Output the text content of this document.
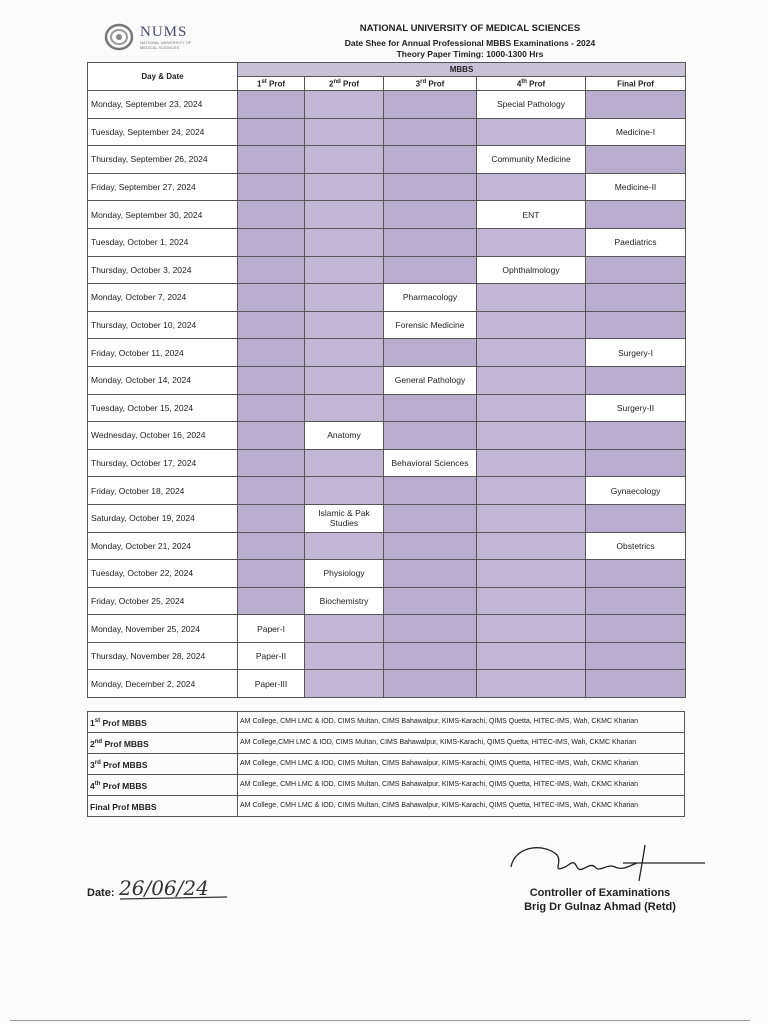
NUMS
NATIONAL UNIVERSITY OF MEDICAL SCIENCES
NATIONAL UNIVERSITY OF MEDICAL SCIENCES
Date Shee for Annual Professional MBBS Examinations - 2024
Theory Paper Timing: 1000-1300 Hrs
Day & Date	MBBS				
	1st Prof	2nd Prof	3rd Prof	4th Prof	Final Prof
Monday, September 23, 2024				Special Pathology	
Tuesday, September 24, 2024					Medicine-I
Thursday, September 26, 2024				Community Medicine	
Friday, September 27, 2024					Medicine-II
Monday, September 30, 2024				ENT	
Tuesday, October 1, 2024					Paediatrics
Thursday, October 3, 2024				Ophthalmology	
Monday, October 7, 2024			Pharmacology		
Thursday, October 10, 2024			Forensic Medicine		
Friday, October 11, 2024					Surgery-I
Monday, October 14, 2024			General Pathology		
Tuesday, October 15, 2024					Surgery-II
Wednesday, October 16, 2024		Anatomy			
Thursday, October 17, 2024			Behavioral Sciences		
Friday, October 18, 2024					Gynaecology
Saturday, October 19, 2024		Islamic & Pak Studies			
Monday, October 21, 2024					Obstetrics
Tuesday, October 22, 2024		Physiology			
Friday, October 25, 2024		Biochemistry			
Monday, November 25, 2024	Paper-I				
Thursday, November 28, 2024	Paper-II				
Monday, December 2, 2024	Paper-III				
1st Prof MBBS	AM College, CMH LMC & IOD, CIMS Multan, CIMS Bahawalpur, KIMS-Karachi, QIMS Quetta, HITEC-IMS, Wah, CKMC Kharian
2nd Prof MBBS	AM College,CMH LMC & IOD, CIMS Multan, CIMS Bahawalpur, KIMS-Karachi, QIMS Quetta, HITEC-IMS, Wah, CKMC Kharian
3rd Prof MBBS	AM College, CMH LMC & IOD, CIMS Multan, CIMS Bahawalpur, KIMS-Karachi, QIMS Quetta, HITEC-IMS, Wah, CKMC Kharian
4th Prof MBBS	AM College, CMH LMC & IOD, CIMS Multan, CIMS Bahawalpur, KIMS-Karachi, QIMS Quetta, HITEC-IMS, Wah, CKMC Kharian
Final Prof MBBS	AM College, CMH LMC & IOD, CIMS Multan, CIMS Bahawalpur, KIMS-Karachi, QIMS Quetta, HITEC-IMS, Wah, CKMC Kharian
Date: 26/06/24	Controller of Examinations
Brig Dr Gulnaz Ahmad (Retd)
